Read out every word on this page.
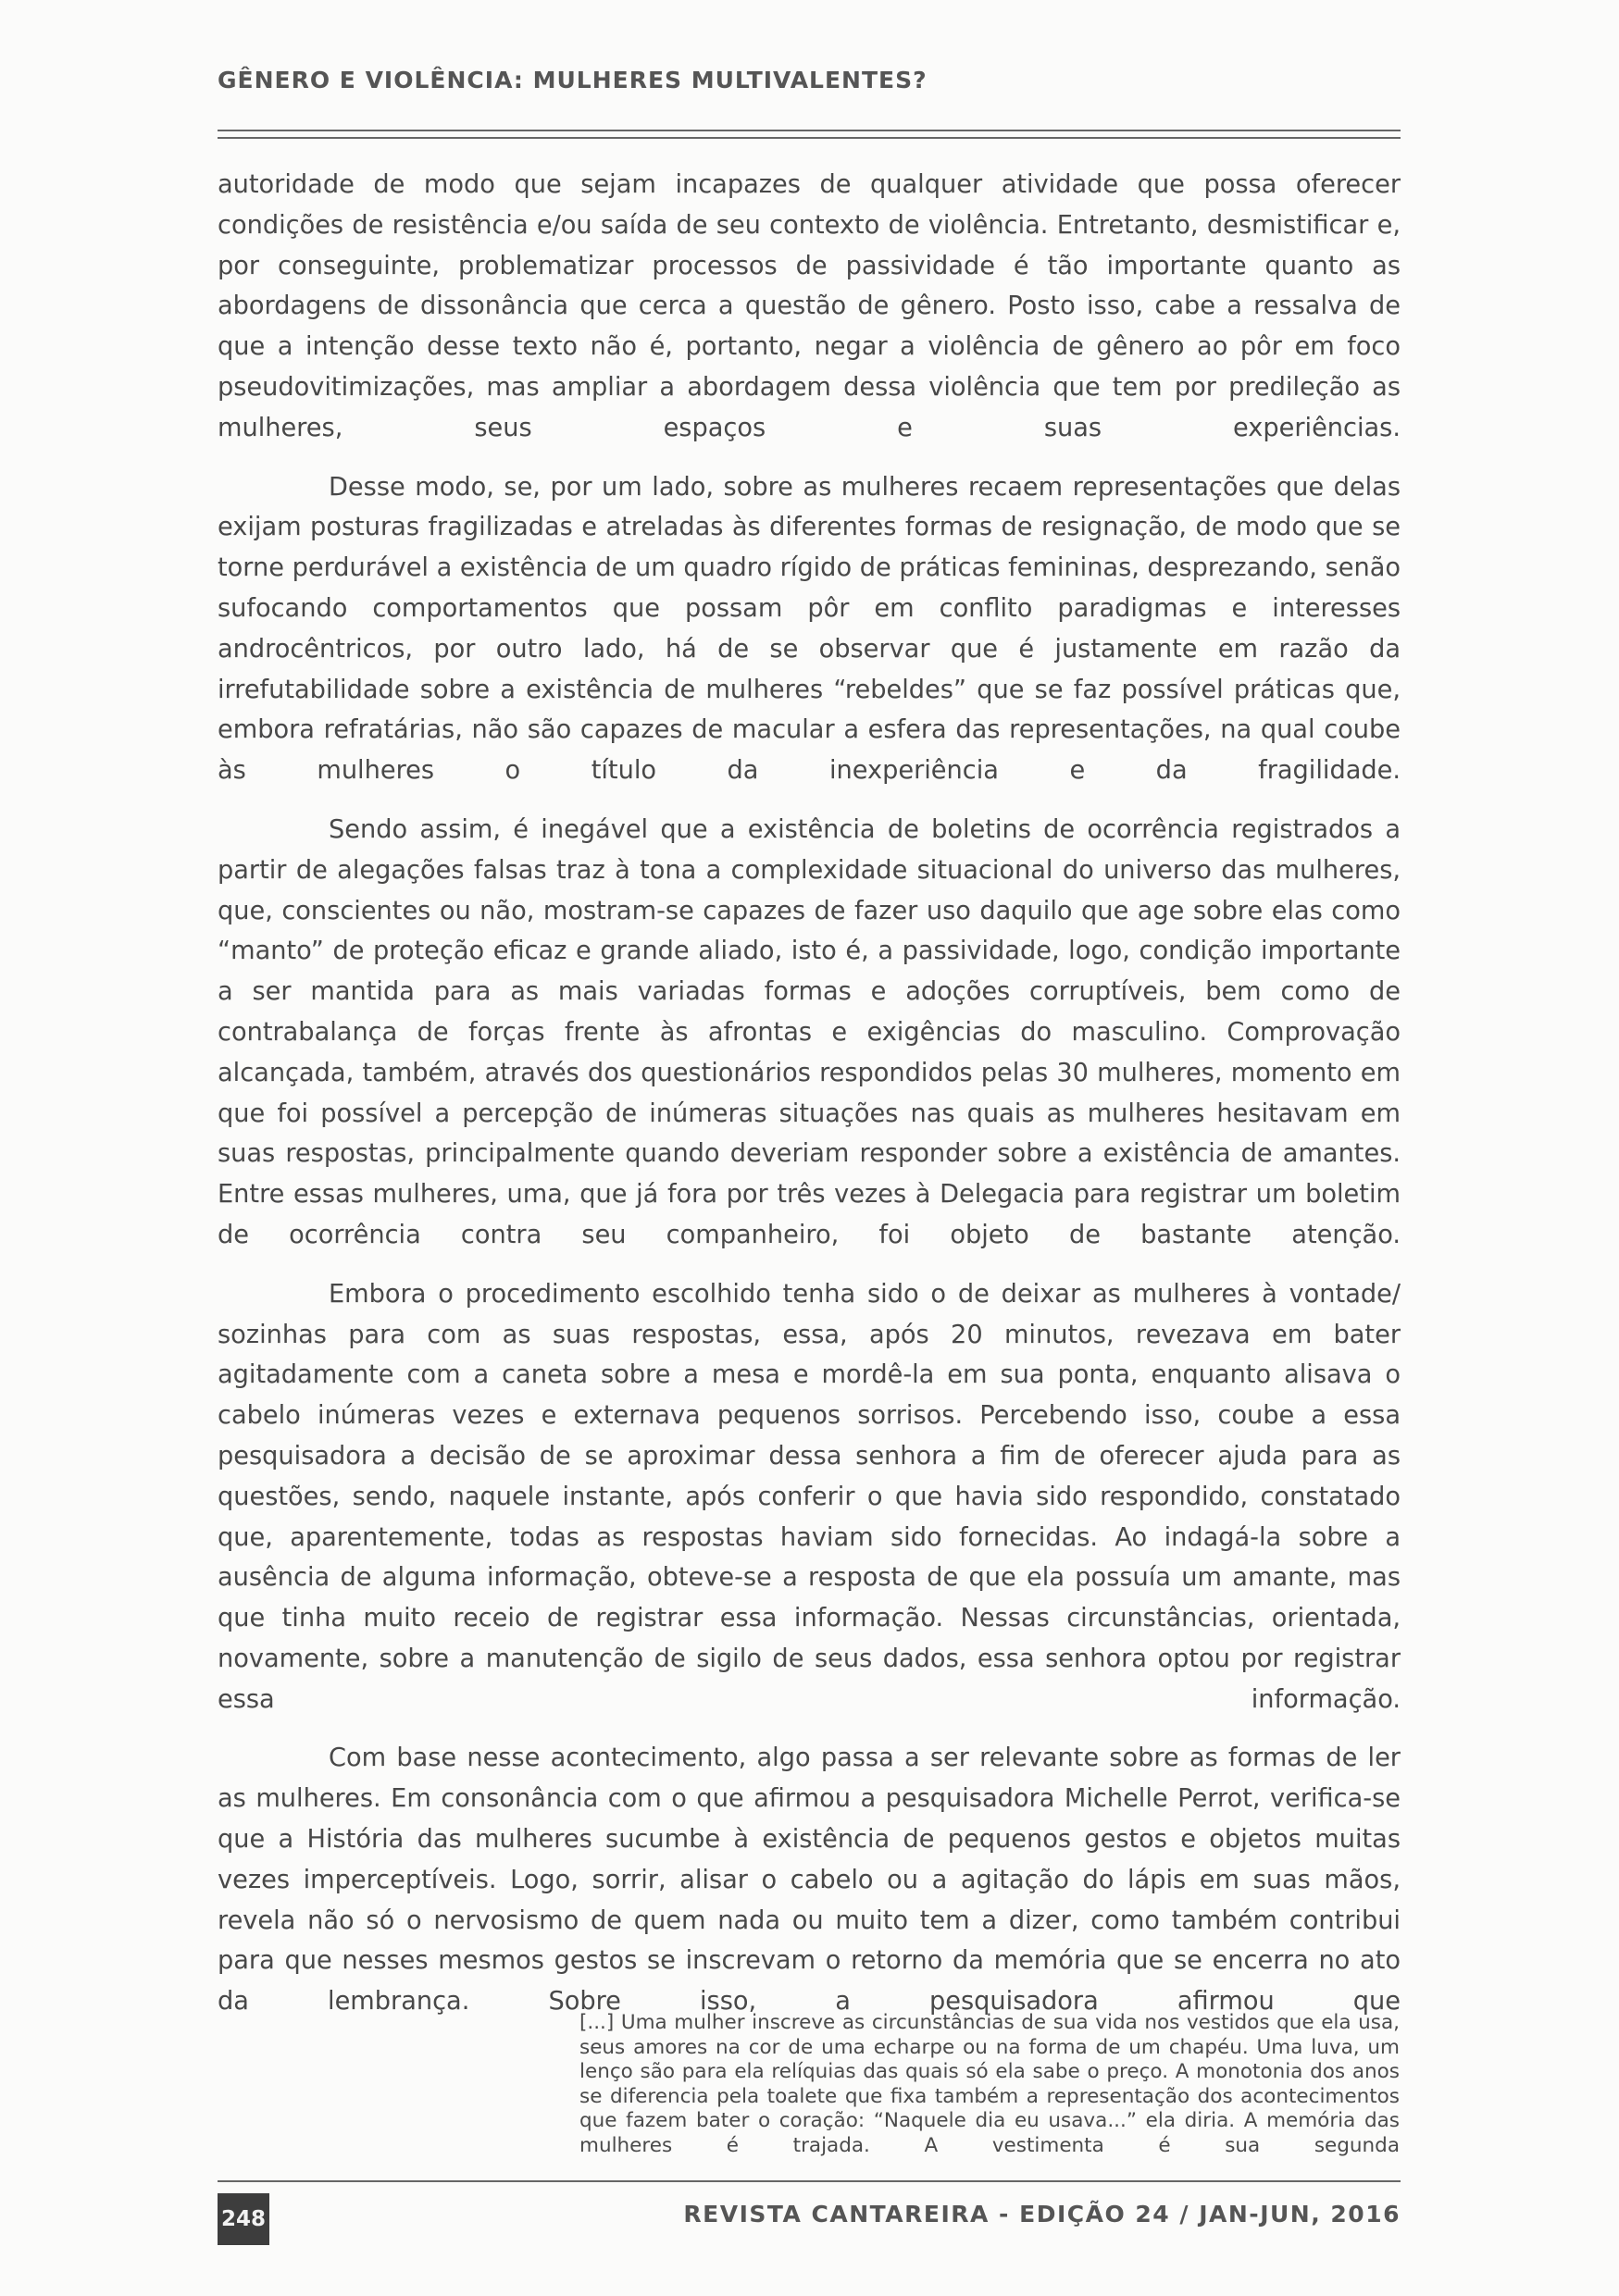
GÊNERO E VIOLÊNCIA: MULHERES MULTIVALENTES?

autoridade de modo que sejam incapazes de qualquer atividade que possa oferecer condições de resistência e/ou saída de seu contexto de violência. Entretanto, desmistificar e, por conseguinte, problematizar processos de passividade é tão importante quanto as abordagens de dissonância que cerca a questão de gênero. Posto isso, cabe a ressalva de que a intenção desse texto não é, portanto, negar a violência de gênero ao pôr em foco pseudovitimizações, mas ampliar a abordagem dessa violência que tem por predileção as mulheres, seus espaços e suas experiências.

Desse modo, se, por um lado, sobre as mulheres recaem representações que delas exijam posturas fragilizadas e atreladas às diferentes formas de resignação, de modo que se torne perdurável a existência de um quadro rígido de práticas femininas, desprezando, senão sufocando comportamentos que possam pôr em conflito paradigmas e interesses androcêntricos, por outro lado, há de se observar que é justamente em razão da irrefutabilidade sobre a existência de mulheres “rebeldes” que se faz possível práticas que, embora refratárias, não são capazes de macular a esfera das representações, na qual coube às mulheres o título da inexperiência e da fragilidade.

Sendo assim, é inegável que a existência de boletins de ocorrência registrados a partir de alegações falsas traz à tona a complexidade situacional do universo das mulheres, que, conscientes ou não, mostram-se capazes de fazer uso daquilo que age sobre elas como “manto” de proteção eficaz e grande aliado, isto é, a passividade, logo, condição importante a ser mantida para as mais variadas formas e adoções corruptíveis, bem como de contrabalança de forças frente às afrontas e exigências do masculino. Comprovação alcançada, também, através dos questionários respondidos pelas 30 mulheres, momento em que foi possível a percepção de inúmeras situações nas quais as mulheres hesitavam em suas respostas, principalmente quando deveriam responder sobre a existência de amantes. Entre essas mulheres, uma, que já fora por três vezes à Delegacia para registrar um boletim de ocorrência contra seu companheiro, foi objeto de bastante atenção.

Embora o procedimento escolhido tenha sido o de deixar as mulheres à vontade/ sozinhas para com as suas respostas, essa, após 20 minutos, revezava em bater agitadamente com a caneta sobre a mesa e mordê-la em sua ponta, enquanto alisava o cabelo inúmeras vezes e externava pequenos sorrisos. Percebendo isso, coube a essa pesquisadora a decisão de se aproximar dessa senhora a fim de oferecer ajuda para as questões, sendo, naquele instante, após conferir o que havia sido respondido, constatado que, aparentemente, todas as respostas haviam sido fornecidas. Ao indagá-la sobre a ausência de alguma informação, obteve-se a resposta de que ela possuía um amante, mas que tinha muito receio de registrar essa informação. Nessas circunstâncias, orientada, novamente, sobre a manutenção de sigilo de seus dados, essa senhora optou por registrar essa informação.

Com base nesse acontecimento, algo passa a ser relevante sobre as formas de ler as mulheres. Em consonância com o que afirmou a pesquisadora Michelle Perrot, verifica-se que a História das mulheres sucumbe à existência de pequenos gestos e objetos muitas vezes imperceptíveis. Logo, sorrir, alisar o cabelo ou a agitação do lápis em suas mãos, revela não só o nervosismo de quem nada ou muito tem a dizer, como também contribui para que nesses mesmos gestos se inscrevam o retorno da memória que se encerra no ato da lembrança. Sobre isso, a pesquisadora afirmou que

[...] Uma mulher inscreve as circunstâncias de sua vida nos vestidos que ela usa, seus amores na cor de uma echarpe ou na forma de um chapéu. Uma luva, um lenço são para ela relíquias das quais só ela sabe o preço. A monotonia dos anos se diferencia pela toalete que fixa também a representação dos acontecimentos que fazem bater o coração: “Naquele dia eu usava...” ela diria. A memória das mulheres é trajada. A vestimenta é sua segunda
248	REVISTA CANTAREIRA - EDIÇÃO 24 / JAN-JUN, 2016
